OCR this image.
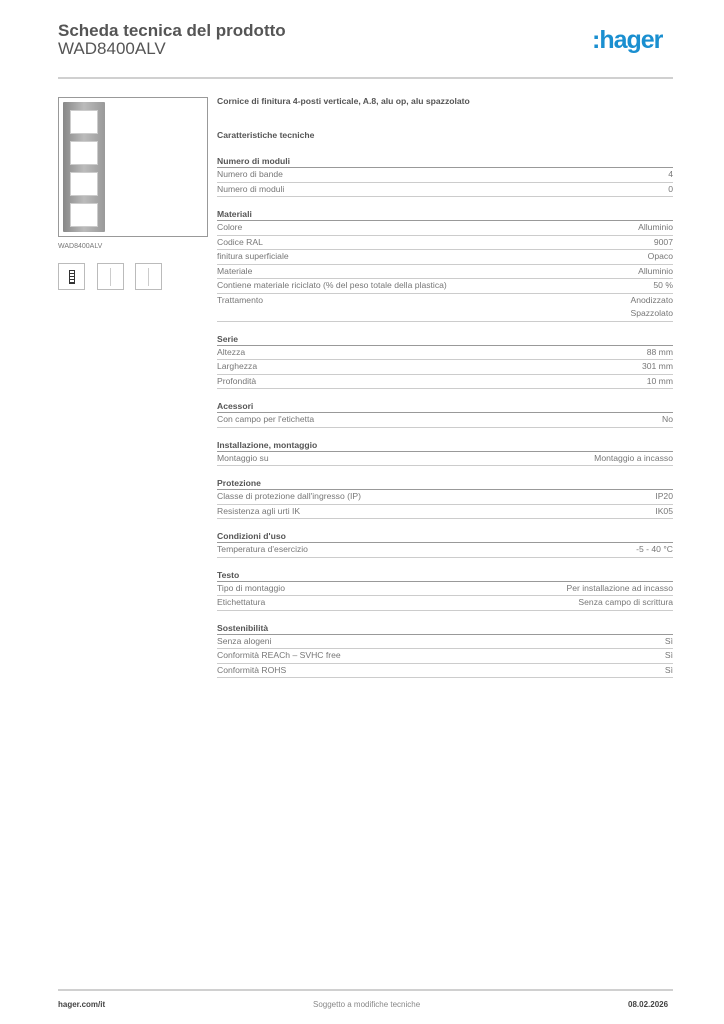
Scheda tecnica del prodotto
WAD8400ALV	:hager
WAD8400ALV
Cornice di finitura 4-posti verticale, A.8, alu op, alu spazzolato
Caratteristiche tecniche
Numero di moduli
Numero di bande	4
Numero di moduli	0
Materiali
Colore	Alluminio
Codice RAL	9007
finitura superficiale	Opaco
Materiale	Alluminio
Contiene materiale riciclato (% del peso totale della plastica)	50 %
Trattamento	Anodizzato
Spazzolato
Serie
Altezza	88 mm
Larghezza	301 mm
Profondità	10 mm
Acessori
Con campo per l'etichetta	No
Installazione, montaggio
Montaggio su	Montaggio a incasso
Protezione
Classe di protezione dall'ingresso (IP)	IP20
Resistenza agli urti IK	IK05
Condizioni d'uso
Temperatura d'esercizio	-5 - 40 °C
Testo
Tipo di montaggio	Per installazione ad incasso
Etichettatura	Senza campo di scrittura
Sostenibilità
Senza alogeni	Sì
Conformità REACh – SVHC free	Sì
Conformità ROHS	Sì
hager.com/it	Soggetto a modifiche tecniche	08.02.2026
